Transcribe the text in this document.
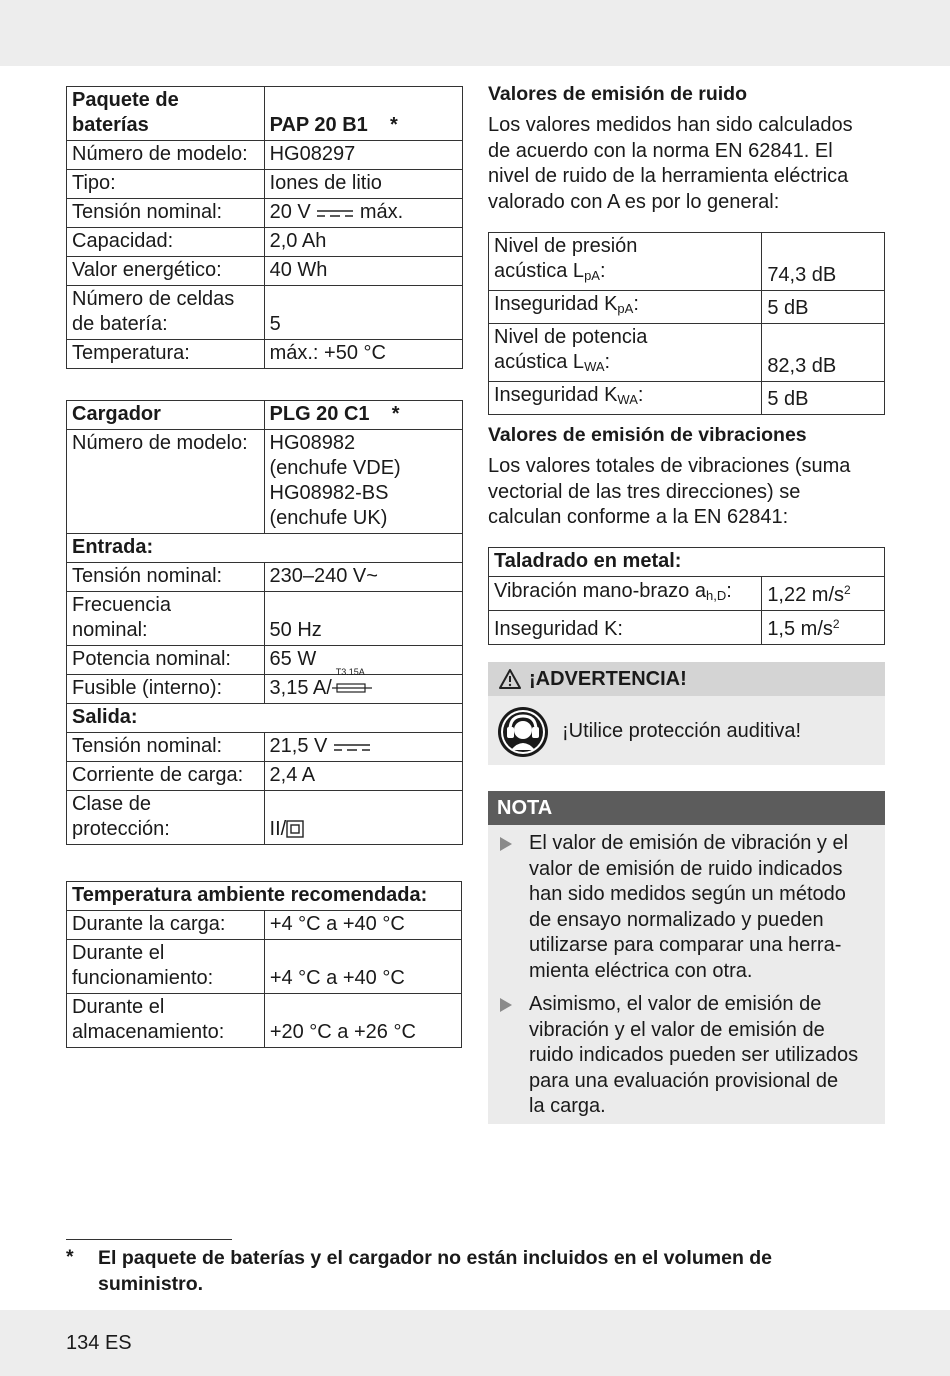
Paquete de
baterías	PAP 20 B1 *
Número de modelo:	HG08297
Tipo:	Iones de litio
Tensión nominal:	20 V máx.
Capacidad:	2,0 Ah
Valor energético:	40 Wh
Número de celdas
de batería:	5
Temperatura:	máx.: +50 °C
Cargador	PLG 20 C1 *
Número de modelo:	HG08982
(enchufe VDE)
HG08982-BS
(enchufe UK)
Entrada:	
Tensión nominal:	230–240 V~
Frecuencia
nominal:	50 Hz
Potencia nominal:	65 W
Fusible (interno):	3,15 A/
T3.15A

Salida:	
Tensión nominal:	21,5 V
Corriente de carga:	2,4 A
Clase de
protección:	II/
Temperatura ambiente recomendada:	
Durante la carga:	+4 °C a +40 °C
Durante el
funcionamiento:	+4 °C a +40 °C
Durante el
almacenamiento:	+20 °C a +26 °C
Valores de emisión de ruido
Los valores medidos han sido calculados
de acuerdo con la norma EN 62841. El
nivel de ruido de la herramienta eléctrica
valorado con A es por lo general:
Nivel de presión
acústica $L_{pA}$:	74,3 dB
Inseguridad $K_{pA}$:	5 dB
Nivel de potencia
acústica $L_{WA}$:	82,3 dB
Inseguridad $K_{WA}$:	5 dB
Valores de emisión de vibraciones
Los valores totales de vibraciones (suma
vectorial de las tres direcciones) se
calculan conforme a la EN 62841:
Taladrado en metal:	
Vibración mano-brazo $a_{h,D}$:	1,22 $m/s^2$
Inseguridad K:	1,5 $m/s^2$
¡ADVERTENCIA!
¡Utilice protección auditiva!
NOTA
El valor de emisión de vibración y el
valor de emisión de ruido indicados
han sido medidos según un método
de ensayo normalizado y pueden
utilizarse para comparar una herra-
mienta eléctrica con otra.
Asimismo, el valor de emisión de
vibración y el valor de emisión de
ruido indicados pueden ser utilizados
para una evaluación provisional de
la carga.
* El paquete de baterías y el cargador no están incluidos en el volumen de
suministro.
134 ES
